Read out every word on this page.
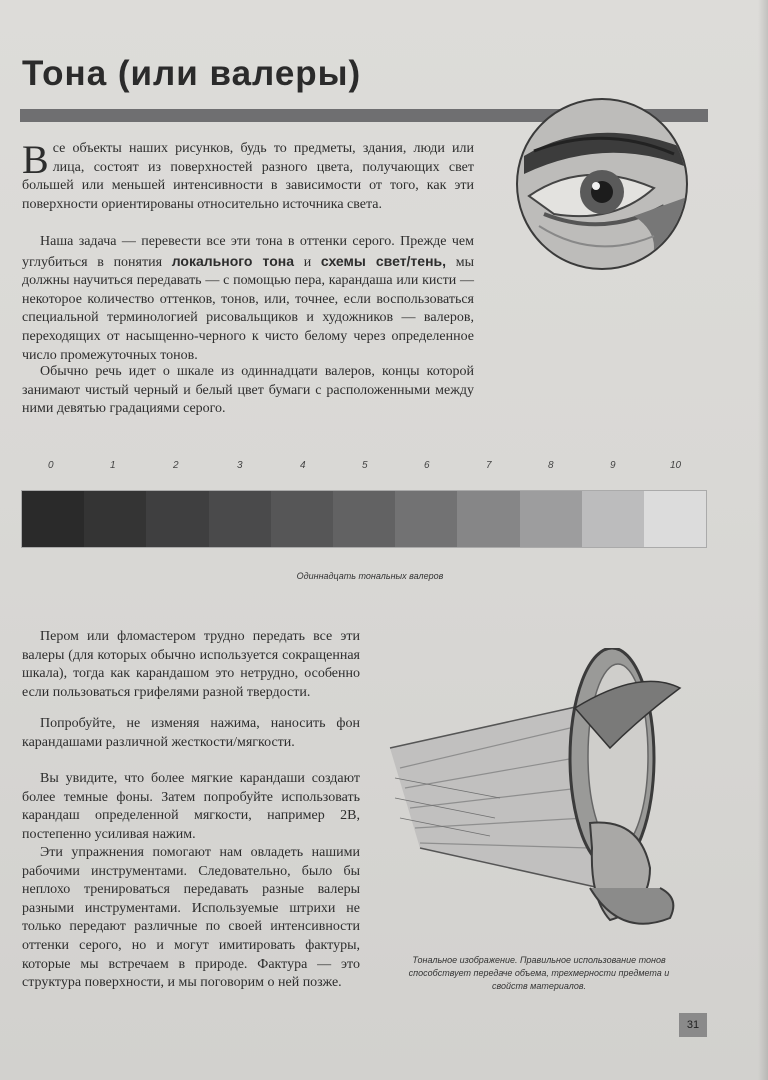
Тона (или валеры)

Все объекты наших рисунков, будь то предметы, здания, люди или лица, состоят из поверхностей разного цвета, получающих свет большей или меньшей интенсивности в зависимости от того, как эти поверхности ориентированы относительно источника света.

Наша задача — перевести все эти тона в оттенки серого. Прежде чем углубиться в понятия локального тона и схемы свет/тень, мы должны научиться передавать — с помощью пера, карандаша или кисти — некоторое количество оттенков, тонов, или, точнее, если воспользоваться специальной терминологией рисовальщиков и художников — валеров, переходящих от насыщенно-черного к чисто белому через определенное число промежуточных тонов.

Обычно речь идет о шкале из одиннадцати валеров, концы которой занимают чистый черный и белый цвет бумаги с расположенными между ними девятью градациями серого.

0	1	2	3	4	5	6	7	8	9	10

Одиннадцать тональных валеров

Пером или фломастером трудно передать все эти валеры (для которых обычно используется сокращенная шкала), тогда как карандашом это нетрудно, особенно если пользоваться грифелями разной твердости.

Попробуйте, не изменяя нажима, наносить фон карандашами различной жесткости/мягкости.

Вы увидите, что более мягкие карандаши создают более темные фоны. Затем попробуйте использовать карандаш определенной мягкости, например 2В, постепенно усиливая нажим.

Эти упражнения помогают нам овладеть нашими рабочими инструментами. Следовательно, было бы неплохо тренироваться передавать разные валеры разными инструментами. Используемые штрихи не только передают различные по своей интенсивности оттенки серого, но и могут имитировать фактуры, которые мы встречаем в природе. Фактура — это структура поверхности, и мы поговорим о ней позже.

Тональное изображение. Правильное использование тонов способствует передаче объема, трехмерности предмета и свойств материалов.

31
